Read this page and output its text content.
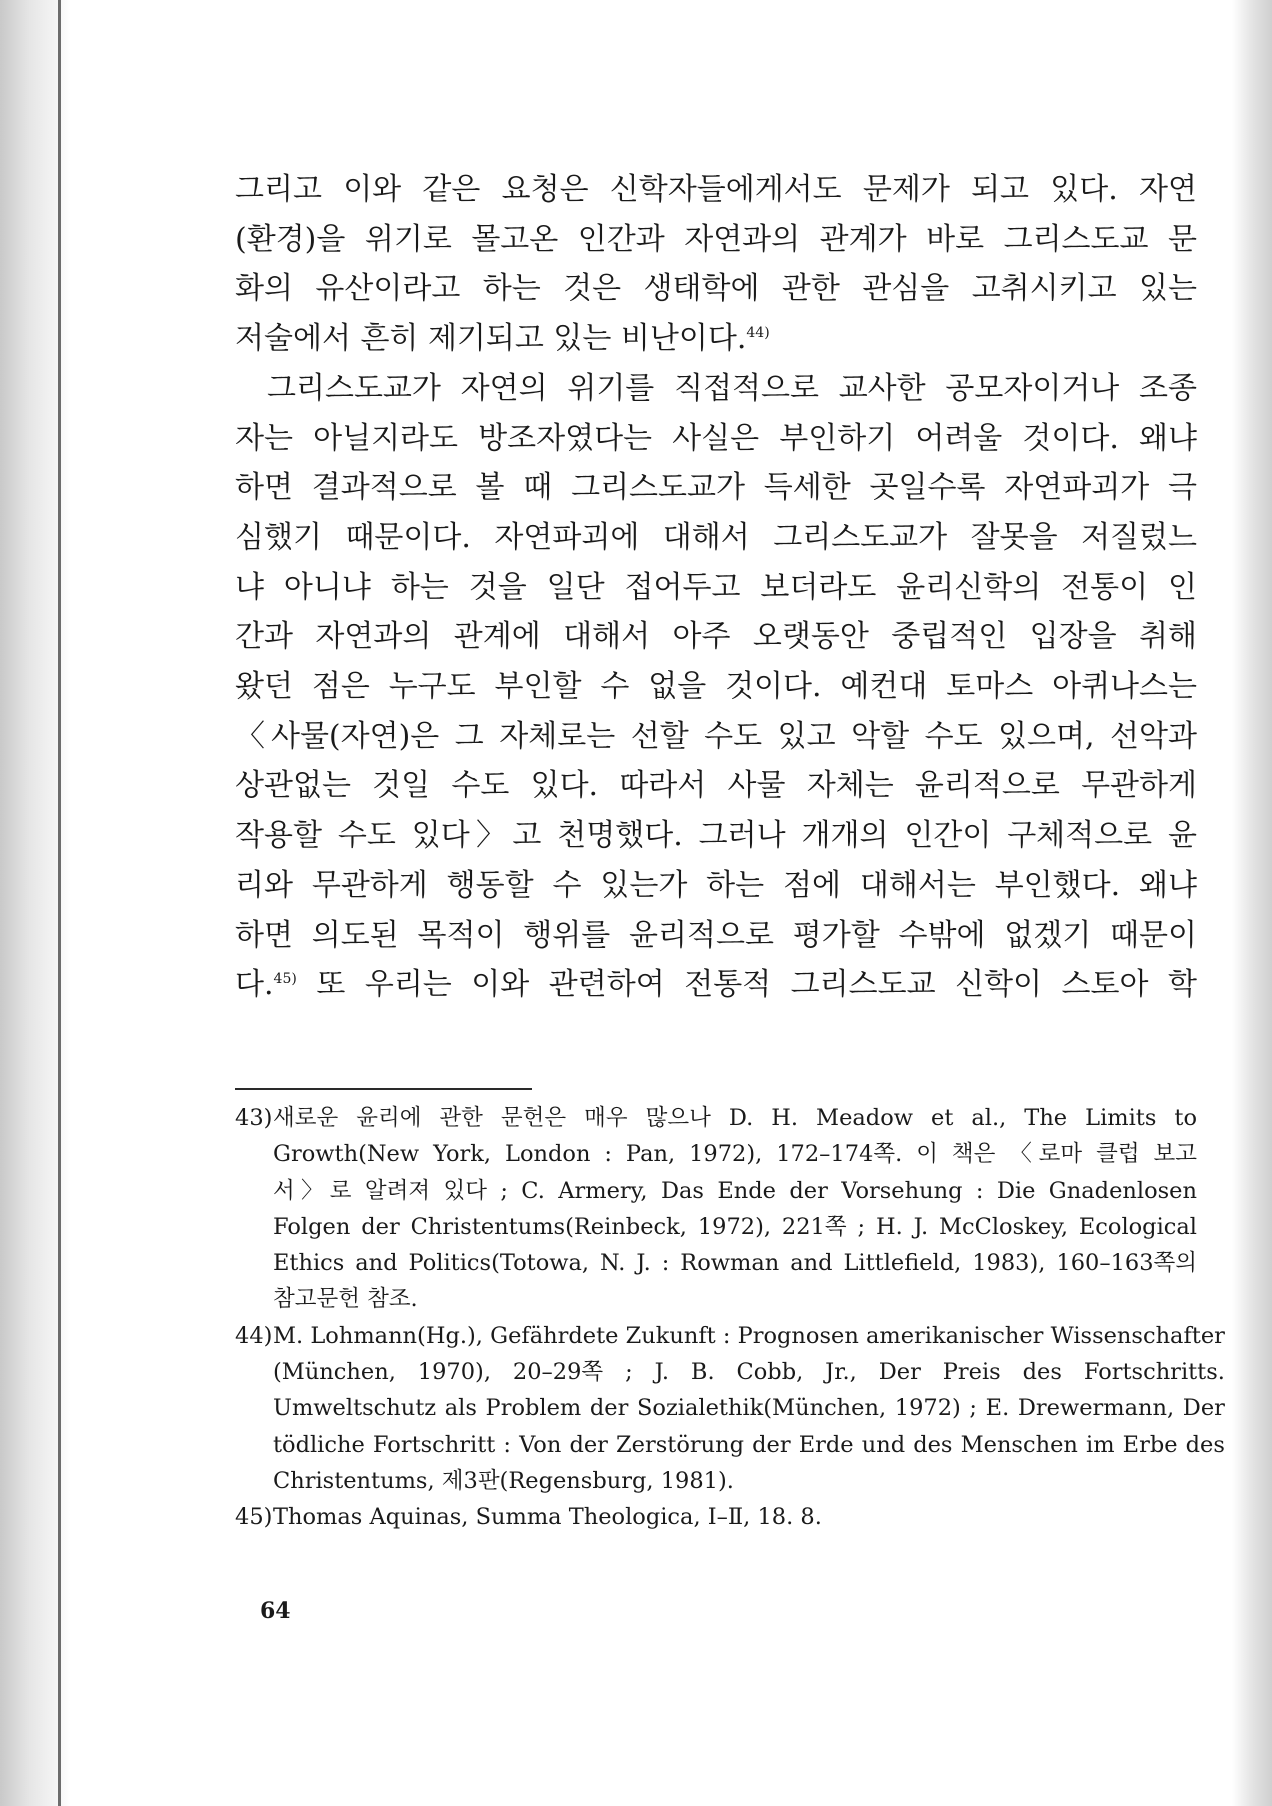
그리고 이와 같은 요청은 신학자들에게서도 문제가 되고 있다. 자연
(환경)을 위기로 몰고온 인간과 자연과의 관계가 바로 그리스도교 문
화의 유산이라고 하는 것은 생태학에 관한 관심을 고취시키고 있는
저술에서 흔히 제기되고 있는 비난이다.$^{44)}$
그리스도교가 자연의 위기를 직접적으로 교사한 공모자이거나 조종
자는 아닐지라도 방조자였다는 사실은 부인하기 어려울 것이다. 왜냐
하면 결과적으로 볼 때 그리스도교가 득세한 곳일수록 자연파괴가 극
심했기 때문이다. 자연파괴에 대해서 그리스도교가 잘못을 저질렀느
냐 아니냐 하는 것을 일단 접어두고 보더라도 윤리신학의 전통이 인
간과 자연과의 관계에 대해서 아주 오랫동안 중립적인 입장을 취해
왔던 점은 누구도 부인할 수 없을 것이다. 예컨대 토마스 아퀴나스는
〈사물(자연)은 그 자체로는 선할 수도 있고 악할 수도 있으며, 선악과
상관없는 것일 수도 있다. 따라서 사물 자체는 윤리적으로 무관하게
작용할 수도 있다〉고 천명했다. 그러나 개개의 인간이 구체적으로 윤
리와 무관하게 행동할 수 있는가 하는 점에 대해서는 부인했다. 왜냐
하면 의도된 목적이 행위를 윤리적으로 평가할 수밖에 없겠기 때문이
다.$^{45)}$ 또 우리는 이와 관련하여 전통적 그리스도교 신학이 스토아 학
43) 새로운 윤리에 관한 문헌은 매우 많으나 D. H. Meadow et al., The Limits to
Growth(New York, London : Pan, 1972), 172–174쪽. 이 책은 〈로마 클럽 보고
서〉로 알려져 있다 ; C. Armery, Das Ende der Vorsehung : Die Gnadenlosen
Folgen der Christentums(Reinbeck, 1972), 221쪽 ; H. J. McCloskey, Ecological
Ethics and Politics(Totowa, N. J. : Rowman and Littlefield, 1983), 160–163쪽의
참고문헌 참조.
44) M. Lohmann(Hg.), Gefährdete Zukunft : Prognosen amerikanischer Wissenschafter
(München, 1970), 20–29쪽 ; J. B. Cobb, Jr., Der Preis des Fortschritts.
Umweltschutz als Problem der Sozialethik(München, 1972) ; E. Drewermann, Der
tödliche Fortschritt : Von der Zerstörung der Erde und des Menschen im Erbe des
Christentums, 제3판(Regensburg, 1981).
45) Thomas Aquinas, Summa Theologica, Ⅰ–Ⅱ, 18. 8.
64
